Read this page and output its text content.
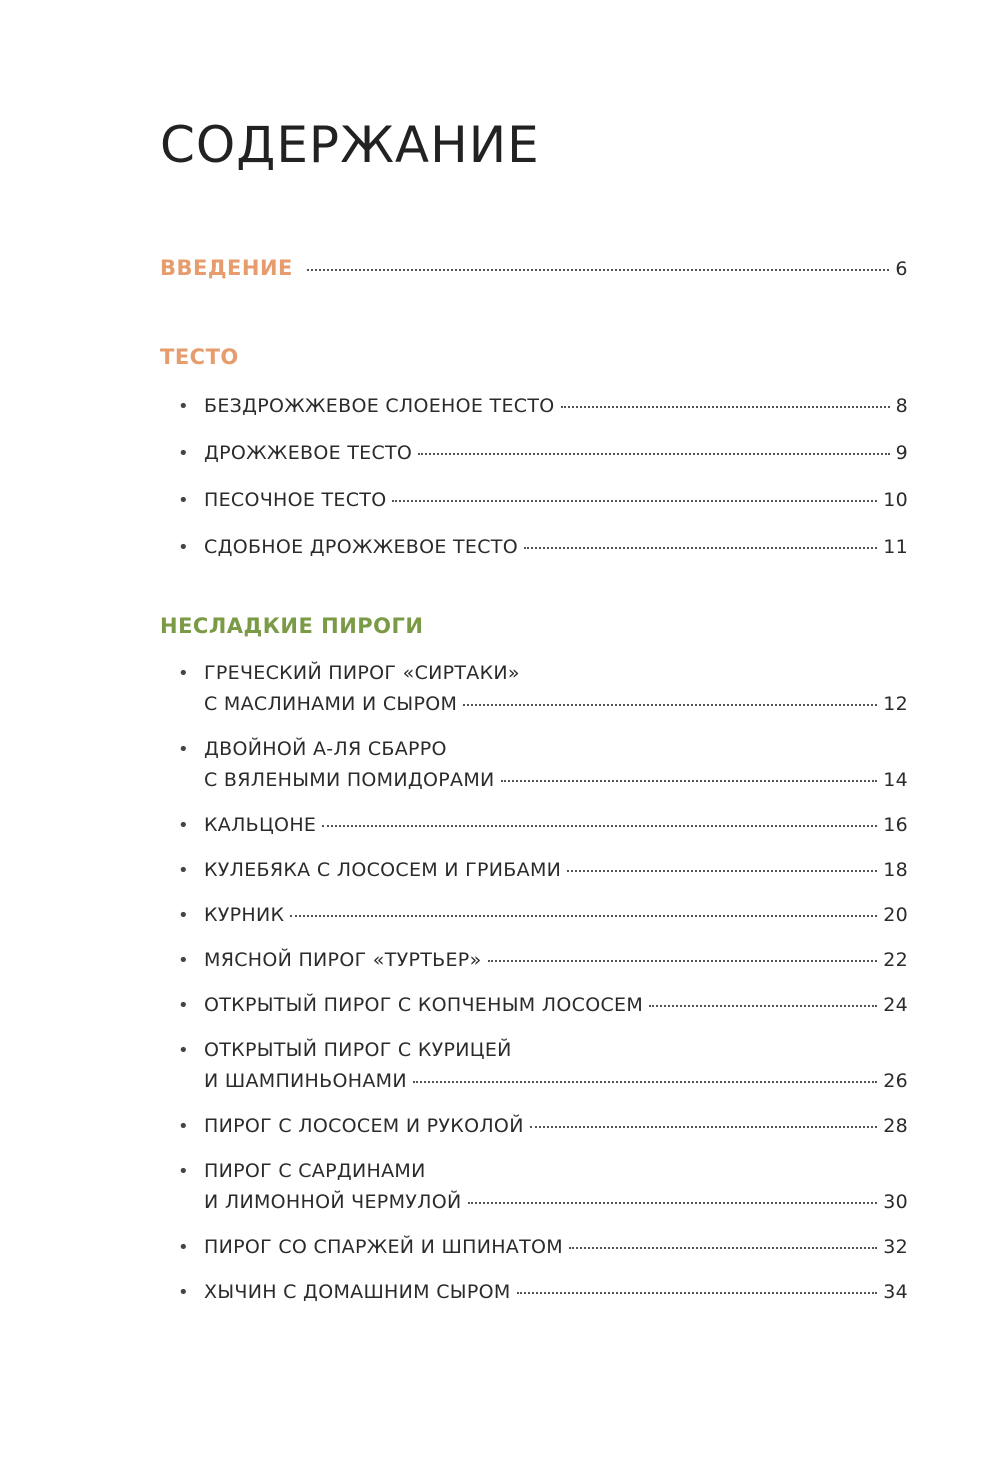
СОДЕРЖАНИЕ
ВВЕДЕНИЕ	6
ТЕСТО
• БЕЗДРОЖЖЕВОЕ СЛОЕНОЕ ТЕСТО	8
• ДРОЖЖЕВОЕ ТЕСТО	9
• ПЕСОЧНОЕ ТЕСТО	10
• СДОБНОЕ ДРОЖЖЕВОЕ ТЕСТО	11
НЕСЛАДКИЕ ПИРОГИ
• ГРЕЧЕСКИЙ ПИРОГ «СИРТАКИ»
С МАСЛИНАМИ И СЫРОМ	12
• ДВОЙНОЙ А-ЛЯ СБАРРО
С ВЯЛЕНЫМИ ПОМИДОРАМИ	14
• КАЛЬЦОНЕ	16
• КУЛЕБЯКА С ЛОСОСЕМ И ГРИБАМИ	18
• КУРНИК	20
• МЯСНОЙ ПИРОГ «ТУРТЬЕР»	22
• ОТКРЫТЫЙ ПИРОГ С КОПЧЕНЫМ ЛОСОСЕМ	24
• ОТКРЫТЫЙ ПИРОГ С КУРИЦЕЙ
И ШАМПИНЬОНАМИ	26
• ПИРОГ С ЛОСОСЕМ И РУКОЛОЙ	28
• ПИРОГ С САРДИНАМИ
И ЛИМОННОЙ ЧЕРМУЛОЙ	30
• ПИРОГ СО СПАРЖЕЙ И ШПИНАТОМ	32
• ХЫЧИН С ДОМАШНИМ СЫРОМ	34
